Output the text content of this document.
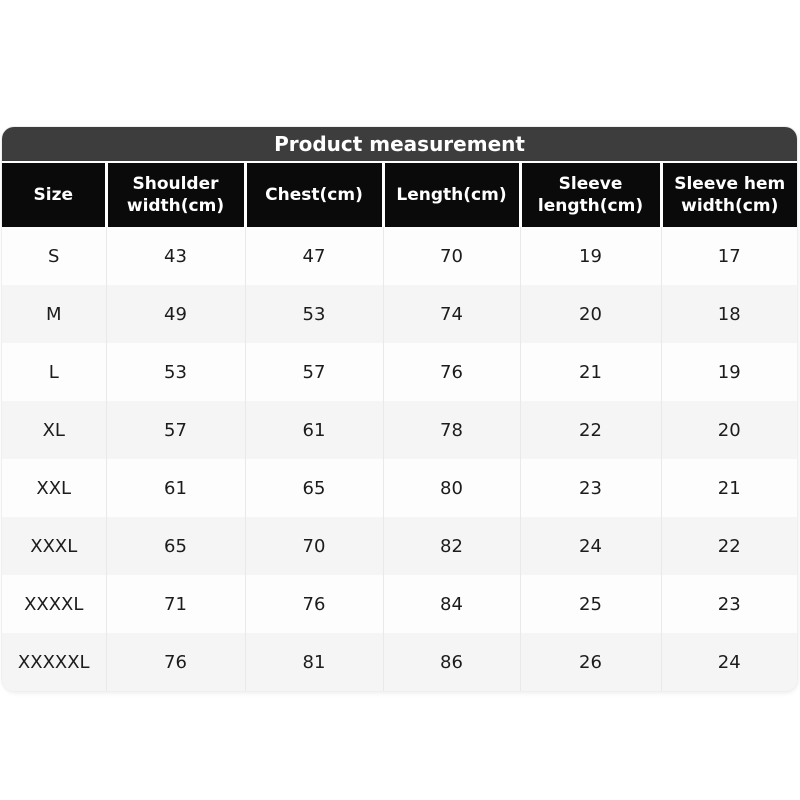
Product measurement
Size	Shoulder width(cm)	Chest(cm)	Length(cm)	Sleeve length(cm)	Sleeve hem width(cm)
S	43	47	70	19	17
M	49	53	74	20	18
L	53	57	76	21	19
XL	57	61	78	22	20
XXL	61	65	80	23	21
XXXL	65	70	82	24	22
XXXXL	71	76	84	25	23
XXXXXL	76	81	86	26	24
